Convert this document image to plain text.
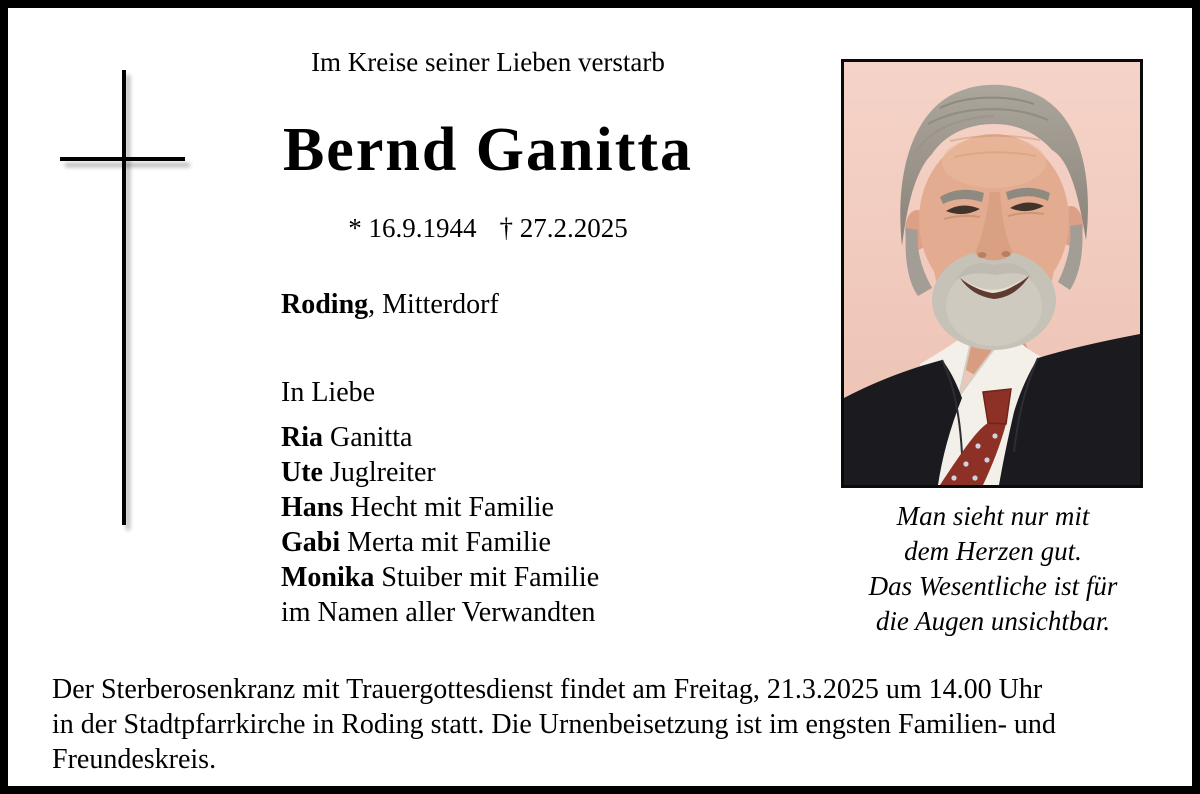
Im Kreise seiner Lieben verstarb
Bernd Ganitta
* 16.9.1944 † 27.2.2025
Roding, Mitterdorf
In Liebe
Ria Ganitta
Ute Juglreiter
Hans Hecht mit Familie
Gabi Merta mit Familie
Monika Stuiber mit Familie
im Namen aller Verwandten
Man sieht nur mit
dem Herzen gut.
Das Wesentliche ist für
die Augen unsichtbar.
Der Sterberosenkranz mit Trauergottesdienst findet am Freitag, 21.3.2025 um 14.00 Uhr
in der Stadtpfarrkirche in Roding statt. Die Urnenbeisetzung ist im engsten Familien- und
Freundeskreis.
